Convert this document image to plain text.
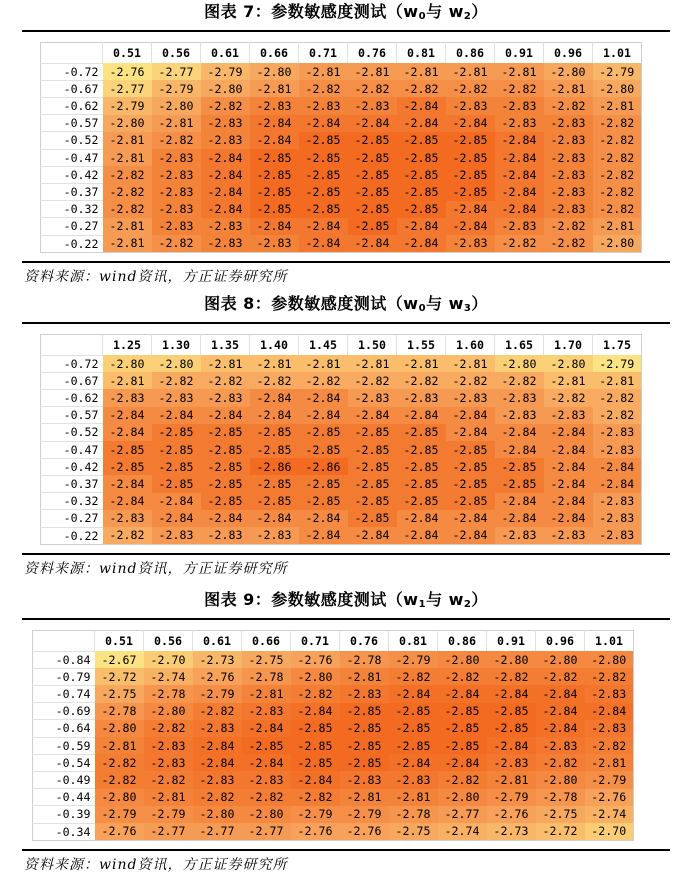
图表 7：参数敏感度测试（$w_0$与 $w_2$）
	0.51	0.56	0.61	0.66	0.71	0.76	0.81	0.86	0.91	0.96	1.01
-0.72	-2.76	-2.77	-2.79	-2.80	-2.81	-2.81	-2.81	-2.81	-2.81	-2.80	-2.79
-0.67	-2.77	-2.79	-2.80	-2.81	-2.82	-2.82	-2.82	-2.82	-2.82	-2.81	-2.80
-0.62	-2.79	-2.80	-2.82	-2.83	-2.83	-2.83	-2.84	-2.83	-2.83	-2.82	-2.81
-0.57	-2.80	-2.81	-2.83	-2.84	-2.84	-2.84	-2.84	-2.84	-2.83	-2.83	-2.82
-0.52	-2.81	-2.82	-2.83	-2.84	-2.85	-2.85	-2.85	-2.85	-2.84	-2.83	-2.82
-0.47	-2.81	-2.83	-2.84	-2.85	-2.85	-2.85	-2.85	-2.85	-2.84	-2.83	-2.82
-0.42	-2.82	-2.83	-2.84	-2.85	-2.85	-2.85	-2.85	-2.85	-2.84	-2.83	-2.82
-0.37	-2.82	-2.83	-2.84	-2.85	-2.85	-2.85	-2.85	-2.85	-2.84	-2.83	-2.82
-0.32	-2.82	-2.83	-2.84	-2.85	-2.85	-2.85	-2.85	-2.84	-2.84	-2.83	-2.82
-0.27	-2.81	-2.83	-2.83	-2.84	-2.84	-2.85	-2.84	-2.84	-2.83	-2.82	-2.81
-0.22	-2.81	-2.82	-2.83	-2.83	-2.84	-2.84	-2.84	-2.83	-2.82	-2.82	-2.80
资料来源：wind资讯，方正证券研究所
图表 8：参数敏感度测试（$w_0$与 $w_3$）
	1.25	1.30	1.35	1.40	1.45	1.50	1.55	1.60	1.65	1.70	1.75
-0.72	-2.80	-2.80	-2.81	-2.81	-2.81	-2.81	-2.81	-2.81	-2.80	-2.80	-2.79
-0.67	-2.81	-2.82	-2.82	-2.82	-2.82	-2.82	-2.82	-2.82	-2.82	-2.81	-2.81
-0.62	-2.83	-2.83	-2.83	-2.84	-2.84	-2.83	-2.83	-2.83	-2.83	-2.82	-2.82
-0.57	-2.84	-2.84	-2.84	-2.84	-2.84	-2.84	-2.84	-2.84	-2.83	-2.83	-2.82
-0.52	-2.84	-2.85	-2.85	-2.85	-2.85	-2.85	-2.85	-2.84	-2.84	-2.84	-2.83
-0.47	-2.85	-2.85	-2.85	-2.85	-2.85	-2.85	-2.85	-2.85	-2.84	-2.84	-2.83
-0.42	-2.85	-2.85	-2.85	-2.86	-2.86	-2.85	-2.85	-2.85	-2.85	-2.84	-2.84
-0.37	-2.84	-2.85	-2.85	-2.85	-2.85	-2.85	-2.85	-2.85	-2.85	-2.84	-2.84
-0.32	-2.84	-2.84	-2.85	-2.85	-2.85	-2.85	-2.85	-2.85	-2.84	-2.84	-2.83
-0.27	-2.83	-2.84	-2.84	-2.84	-2.84	-2.85	-2.84	-2.84	-2.84	-2.84	-2.83
-0.22	-2.82	-2.83	-2.83	-2.83	-2.84	-2.84	-2.84	-2.84	-2.83	-2.83	-2.83
资料来源：wind资讯，方正证券研究所
图表 9：参数敏感度测试（$w_1$与 $w_2$）
	0.51	0.56	0.61	0.66	0.71	0.76	0.81	0.86	0.91	0.96	1.01
-0.84	-2.67	-2.70	-2.73	-2.75	-2.76	-2.78	-2.79	-2.80	-2.80	-2.80	-2.80
-0.79	-2.72	-2.74	-2.76	-2.78	-2.80	-2.81	-2.82	-2.82	-2.82	-2.82	-2.82
-0.74	-2.75	-2.78	-2.79	-2.81	-2.82	-2.83	-2.84	-2.84	-2.84	-2.84	-2.83
-0.69	-2.78	-2.80	-2.82	-2.83	-2.84	-2.85	-2.85	-2.85	-2.85	-2.84	-2.84
-0.64	-2.80	-2.82	-2.83	-2.84	-2.85	-2.85	-2.85	-2.85	-2.85	-2.84	-2.83
-0.59	-2.81	-2.83	-2.84	-2.85	-2.85	-2.85	-2.85	-2.85	-2.84	-2.83	-2.82
-0.54	-2.82	-2.83	-2.84	-2.84	-2.85	-2.85	-2.84	-2.84	-2.83	-2.82	-2.81
-0.49	-2.82	-2.82	-2.83	-2.83	-2.84	-2.83	-2.83	-2.82	-2.81	-2.80	-2.79
-0.44	-2.80	-2.81	-2.82	-2.82	-2.82	-2.81	-2.81	-2.80	-2.79	-2.78	-2.76
-0.39	-2.79	-2.79	-2.80	-2.80	-2.79	-2.79	-2.78	-2.77	-2.76	-2.75	-2.74
-0.34	-2.76	-2.77	-2.77	-2.77	-2.76	-2.76	-2.75	-2.74	-2.73	-2.72	-2.70
资料来源：wind资讯，方正证券研究所
